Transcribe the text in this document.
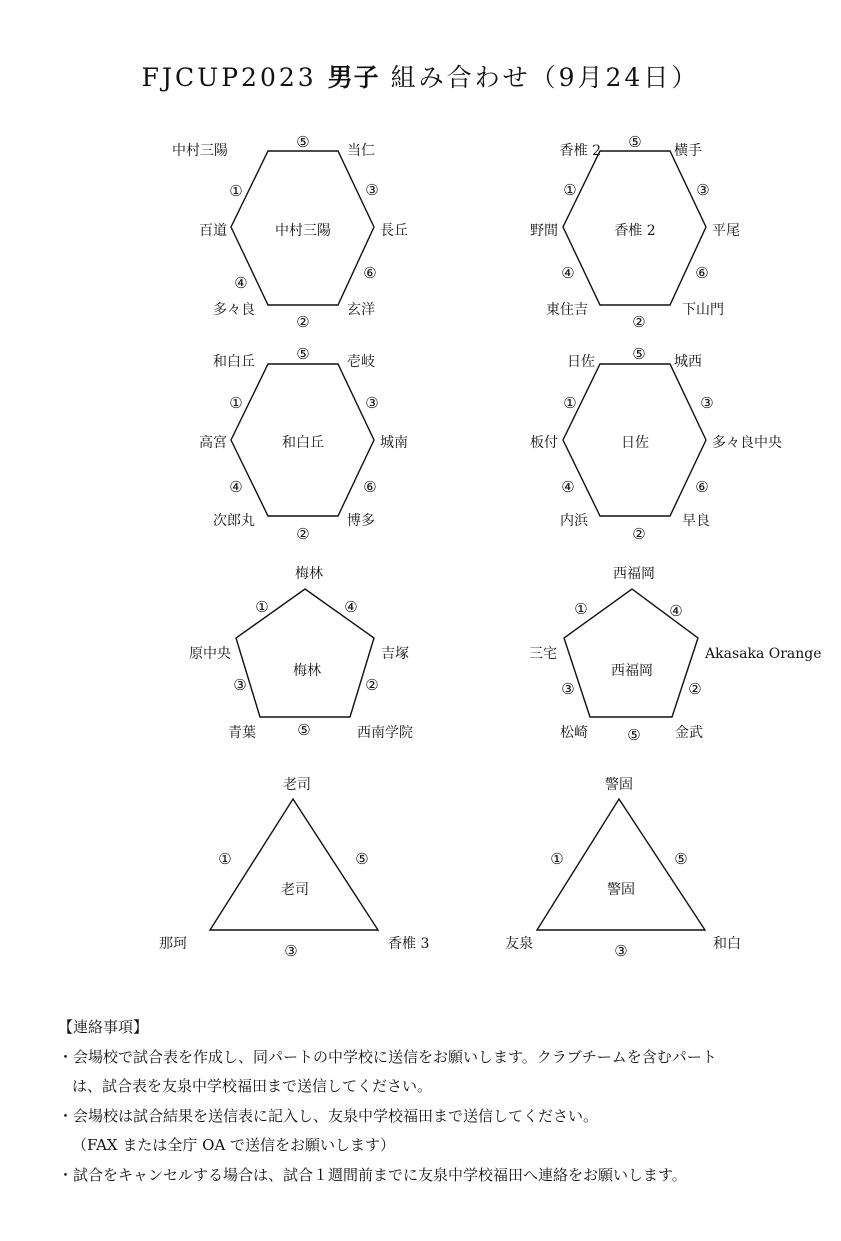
FJCUP2023 男子 組み合わせ（9月24日）
中村三陽
中村三陽	当仁
長丘
玄洋
多々良
百道
⑤
③
⑥
②
④
①
香椎 2
香椎 2	横手
平尾
下山門
東住吉
野間
⑤
③
⑥
②
④
①
和白丘
和白丘	壱岐
城南
博多
次郎丸
高宮
⑤
③
⑥
②
④
①
日佐
日佐	城西
多々良中央
早良
内浜
板付
⑤
③
⑥
②
④
①
梅林
梅林
吉塚
西南学院
青葉
原中央
④
②
⑤
③
①
西福岡
西福岡
Akasaka Orange
金武
松崎
三宅
④
②
⑤
③
①
老司
老司
香椎 3
那珂
⑤
③
①
警固
警固
和白
友泉
⑤
③
①
【連絡事項】
・会場校で試合表を作成し、同パートの中学校に送信をお願いします。クラブチームを含むパート
は、試合表を友泉中学校福田まで送信してください。
・会場校は試合結果を送信表に記入し、友泉中学校福田まで送信してください。
（FAX または全庁 OA で送信をお願いします）
・試合をキャンセルする場合は、試合１週間前までに友泉中学校福田へ連絡をお願いします。
